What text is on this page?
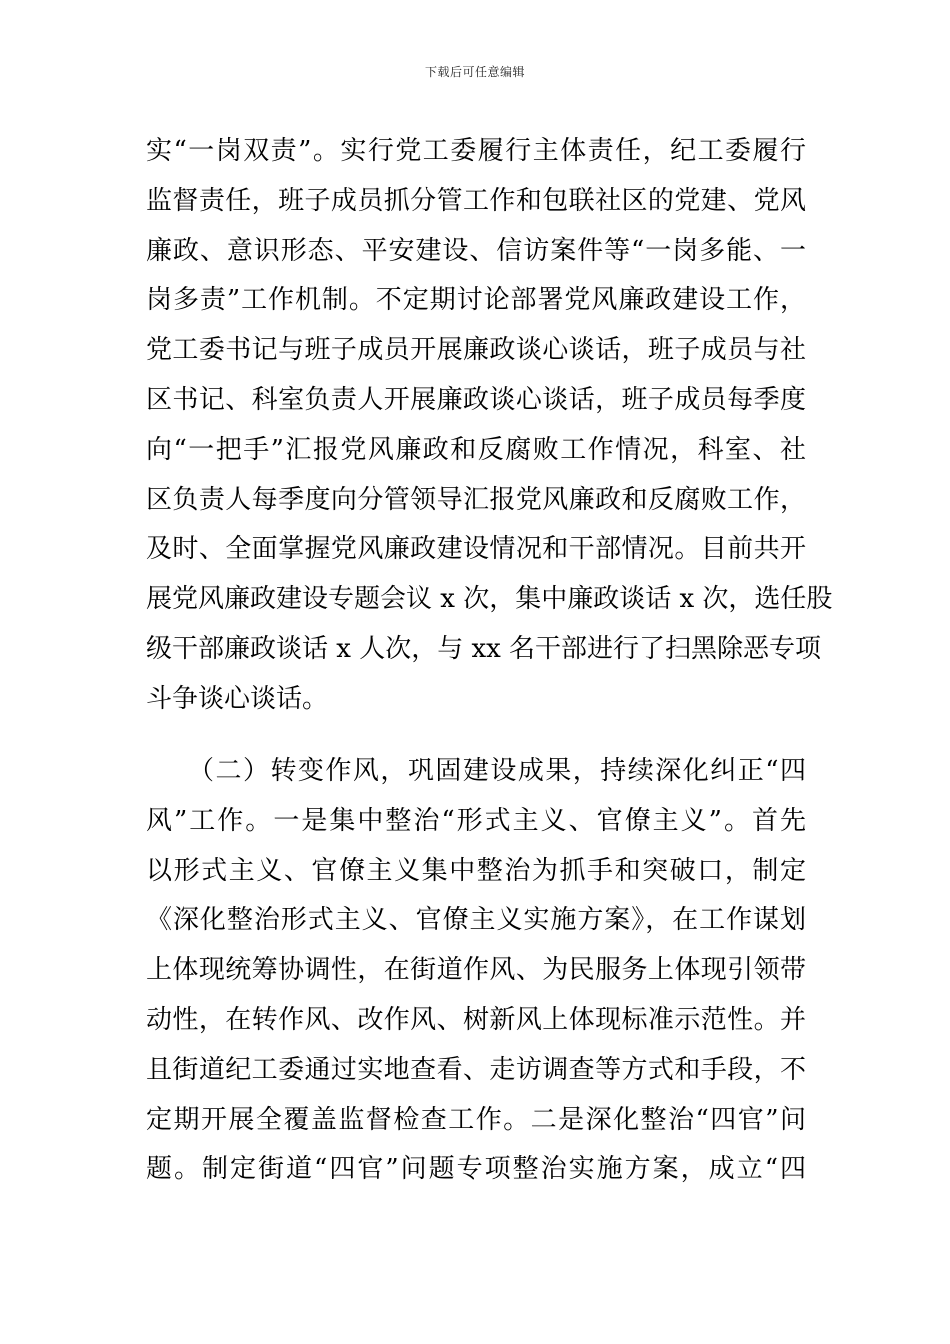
下载后可任意编辑
实“一岗双责”。实行党工委履行主体责任，纪工委履行
监督责任，班子成员抓分管工作和包联社区的党建、党风
廉政、意识形态、平安建设、信访案件等“一岗多能、一
岗多责”工作机制。不定期讨论部署党风廉政建设工作，
党工委书记与班子成员开展廉政谈心谈话，班子成员与社
区书记、科室负责人开展廉政谈心谈话，班子成员每季度
向“一把手”汇报党风廉政和反腐败工作情况，科室、社
区负责人每季度向分管领导汇报党风廉政和反腐败工作，
及时、全面掌握党风廉政建设情况和干部情况。目前共开
展党风廉政建设专题会议 x 次，集中廉政谈话 x 次，选任股
级干部廉政谈话 x 人次，与 xx 名干部进行了扫黑除恶专项
斗争谈心谈话。
　　（二）转变作风，巩固建设成果，持续深化纠正“四
风”工作。一是集中整治“形式主义、官僚主义”。首先
以形式主义、官僚主义集中整治为抓手和突破口，制定
《深化整治形式主义、官僚主义实施方案》，在工作谋划
上体现统筹协调性，在街道作风、为民服务上体现引领带
动性，在转作风、改作风、树新风上体现标准示范性。并
且街道纪工委通过实地查看、走访调查等方式和手段，不
定期开展全覆盖监督检查工作。二是深化整治“四官”问
题。制定街道“四官”问题专项整治实施方案，成立“四
